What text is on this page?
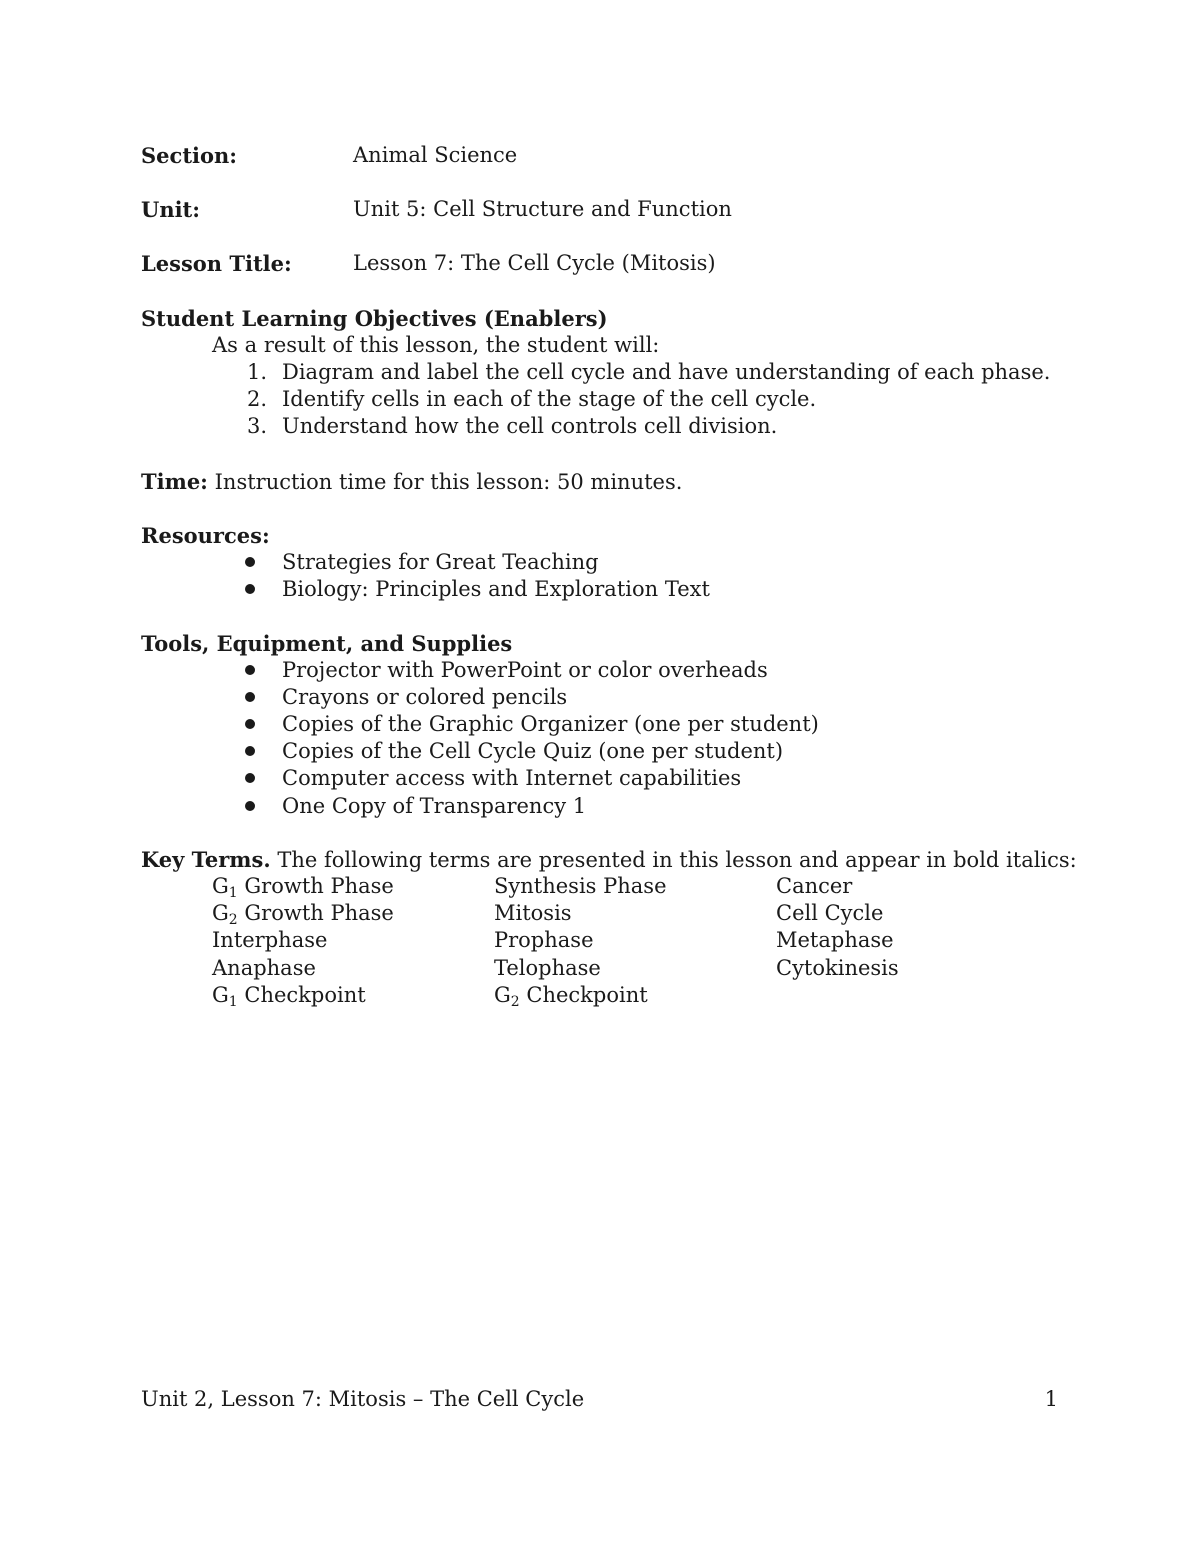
Section:	Animal Science
Unit:	Unit 5: Cell Structure and Function
Lesson Title:	Lesson 7: The Cell Cycle (Mitosis)
Student Learning Objectives (Enablers)
As a result of this lesson, the student will:
1. Diagram and label the cell cycle and have understanding of each phase.
2. Identify cells in each of the stage of the cell cycle.
3. Understand how the cell controls cell division.
Time: Instruction time for this lesson: 50 minutes.
Resources:
Strategies for Great Teaching
Biology: Principles and Exploration Text
Tools, Equipment, and Supplies
Projector with PowerPoint or color overheads
Crayons or colored pencils
Copies of the Graphic Organizer (one per student)
Copies of the Cell Cycle Quiz (one per student)
Computer access with Internet capabilities
One Copy of Transparency 1
Key Terms. The following terms are presented in this lesson and appear in bold italics:
$G_1$ Growth Phase	Synthesis Phase	Cancer
$G_2$ Growth Phase	Mitosis	Cell Cycle
Interphase	Prophase	Metaphase
Anaphase	Telophase	Cytokinesis
$G_1$ Checkpoint	$G_2$ Checkpoint
Unit 2, Lesson 7: Mitosis – The Cell Cycle	1
